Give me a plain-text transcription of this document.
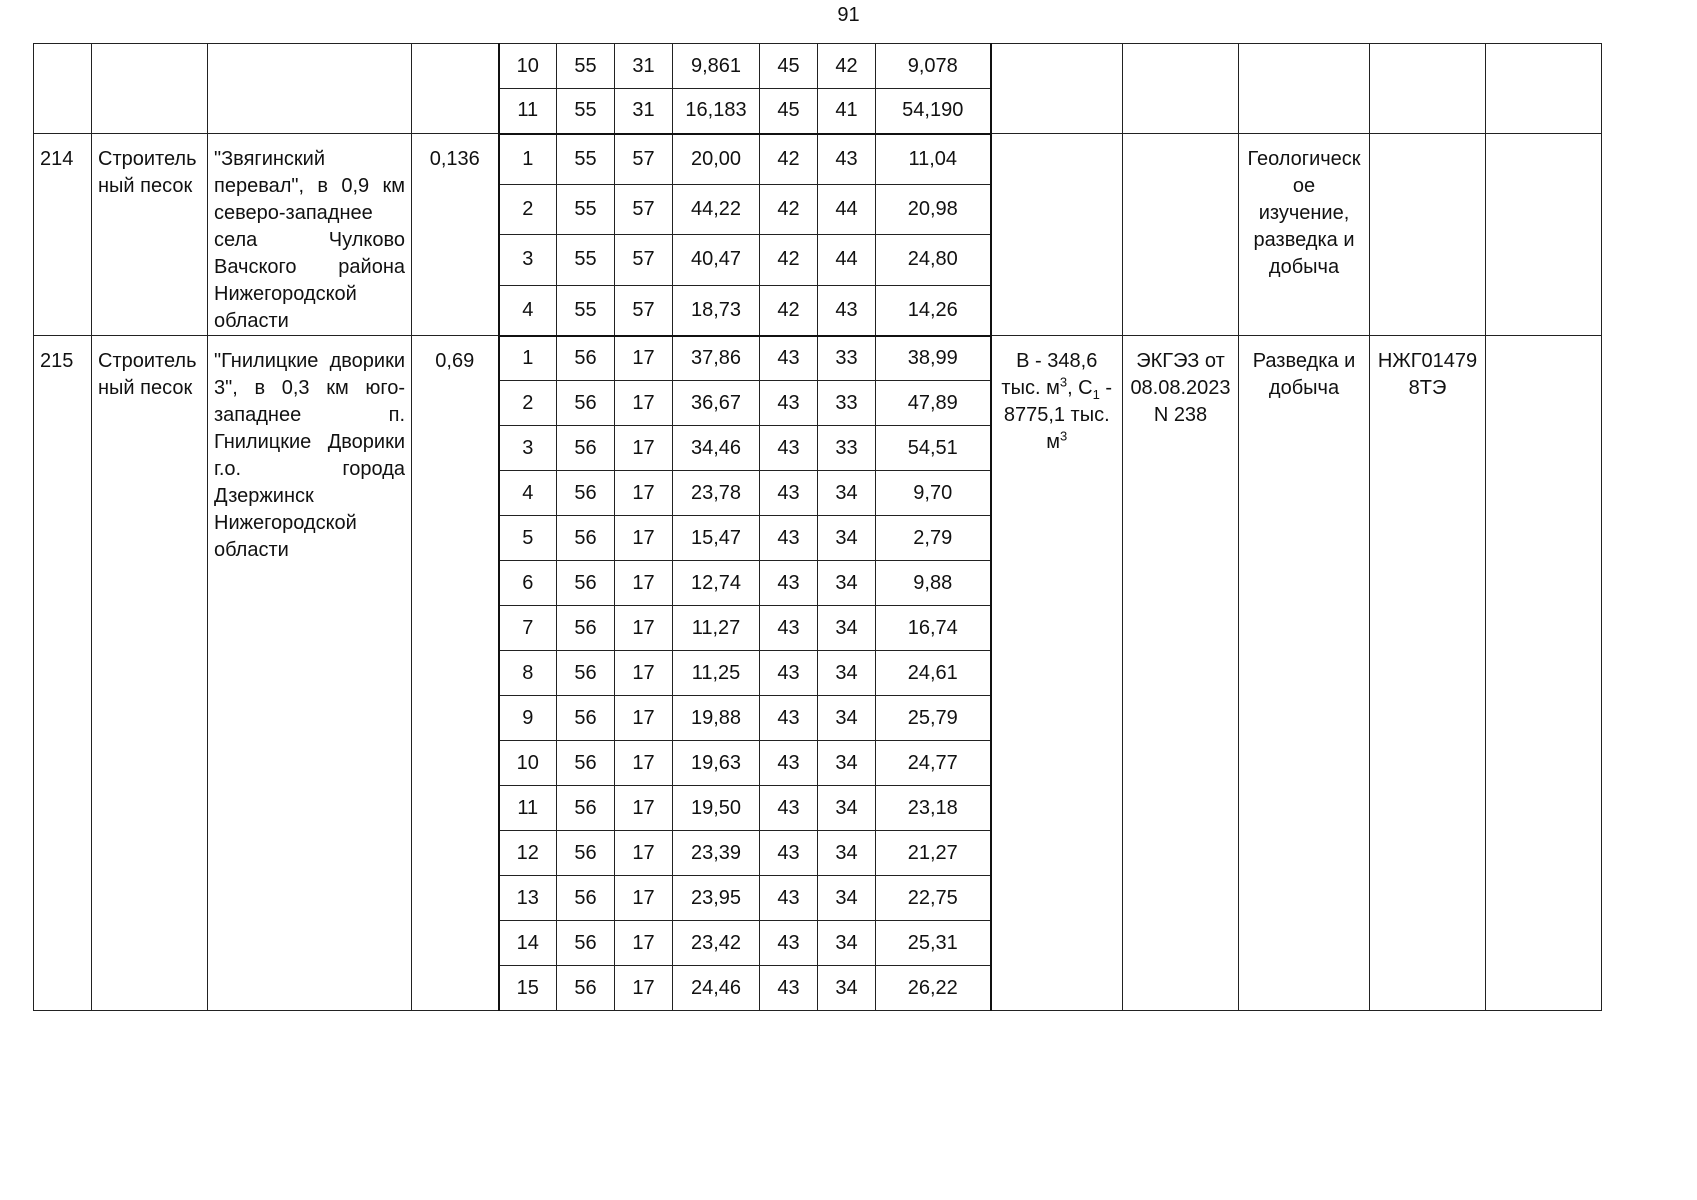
91
				10	55	31	9,861	45	42	9,078					
				11	55	31	16,183	45	41	54,190					
214	Строитель ный песок	"Звягинский перевал", в 0,9 км северо-западнее села Чулково Вачского района Нижегородской области	0,136	1	55	57	20,00	42	43	11,04			Геологическ ое изучение, разведка и добыча		
				2	55	57	44,22	42	44	20,98					
				3	55	57	40,47	42	44	24,80					
				4	55	57	18,73	42	43	14,26					
215	Строитель ный песок	"Гнилицкие дворики 3", в 0,3 км юго-западнее п. Гнилицкие Дворики г.о. города Дзержинск Нижегородской области	0,69	1	56	17	37,86	43	33	38,99	В - 348,6 тыс. $м^3$, $С_1 - 8775,1$ тыс. $м^3$	ЭКГЭЗ от 08.08.2023 N 238	Разведка и добыча	НЖГ01479 8ТЭ	
				2	56	17	36,67	43	33	47,89					
				3	56	17	34,46	43	33	54,51					
				4	56	17	23,78	43	34	9,70					
				5	56	17	15,47	43	34	2,79					
				6	56	17	12,74	43	34	9,88					
				7	56	17	11,27	43	34	16,74					
				8	56	17	11,25	43	34	24,61					
				9	56	17	19,88	43	34	25,79					
				10	56	17	19,63	43	34	24,77					
				11	56	17	19,50	43	34	23,18					
				12	56	17	23,39	43	34	21,27					
				13	56	17	23,95	43	34	22,75					
				14	56	17	23,42	43	34	25,31					
				15	56	17	24,46	43	34	26,22					
